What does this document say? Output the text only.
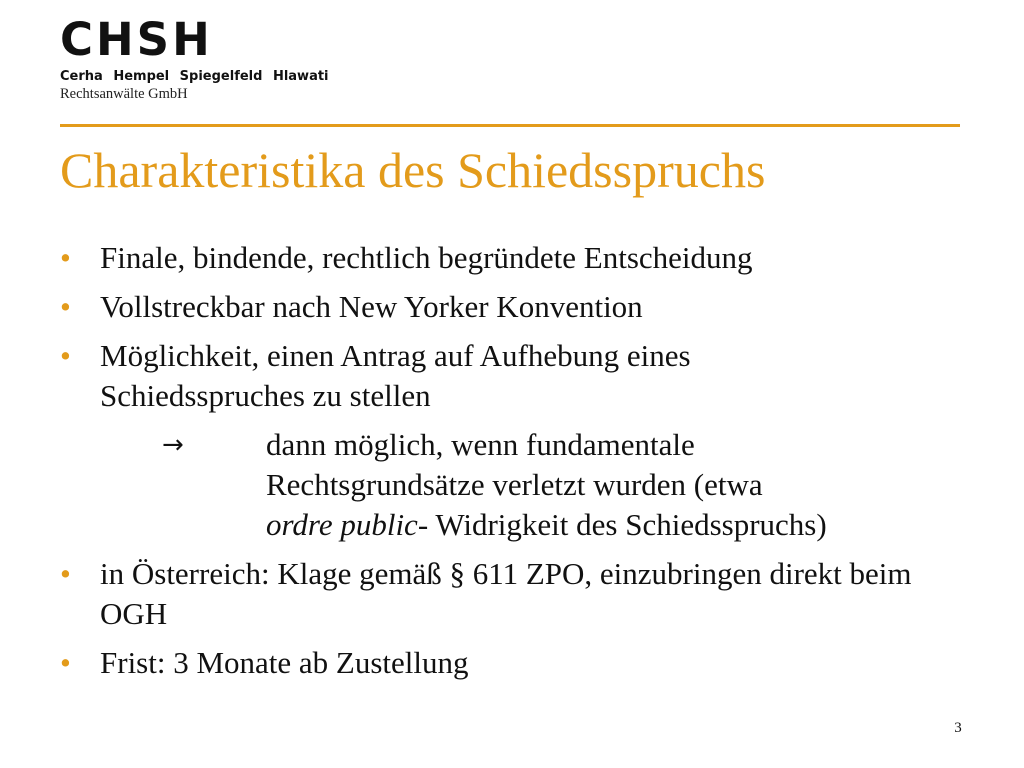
CHSH
Cerha Hempel Spiegelfeld Hlawati
Rechtsanwälte GmbH
Charakteristika des Schiedsspruchs
• Finale, bindende, rechtlich begründete Entscheidung
• Vollstreckbar nach New Yorker Konvention
• Möglichkeit, einen Antrag auf Aufhebung eines Schiedsspruches zu stellen
→	dann möglich, wenn fundamentale
Rechtsgrundsätze verletzt wurden (etwa
ordre public- Widrigkeit des Schiedsspruchs)
• in Österreich: Klage gemäß § 611 ZPO, einzubringen direkt beim OGH
• Frist: 3 Monate ab Zustellung
3
